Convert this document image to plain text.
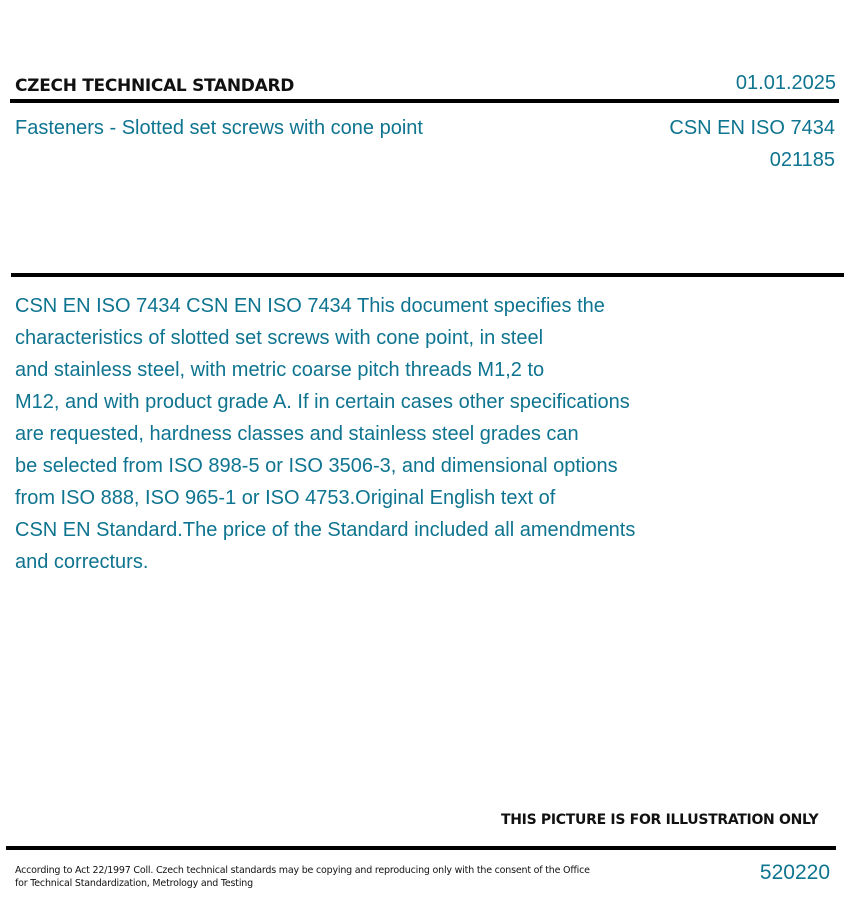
CZECH TECHNICAL STANDARD	01.01.2025
Fasteners - Slotted set screws with cone point	CSN EN ISO 7434
021185
CSN EN ISO 7434 CSN EN ISO 7434 This document specifies the
characteristics of slotted set screws with cone point, in steel
and stainless steel, with metric coarse pitch threads M1,2 to
M12, and with product grade A. If in certain cases other specifications
are requested, hardness classes and stainless steel grades can
be selected from ISO 898-5 or ISO 3506-3, and dimensional options
from ISO 888, ISO 965-1 or ISO 4753.Original English text of
CSN EN Standard.The price of the Standard included all amendments
and correcturs.
THIS PICTURE IS FOR ILLUSTRATION ONLY
According to Act 22/1997 Coll. Czech technical standards may be copying and reproducing only with the consent of the Office
for Technical Standardization, Metrology and Testing	520220
